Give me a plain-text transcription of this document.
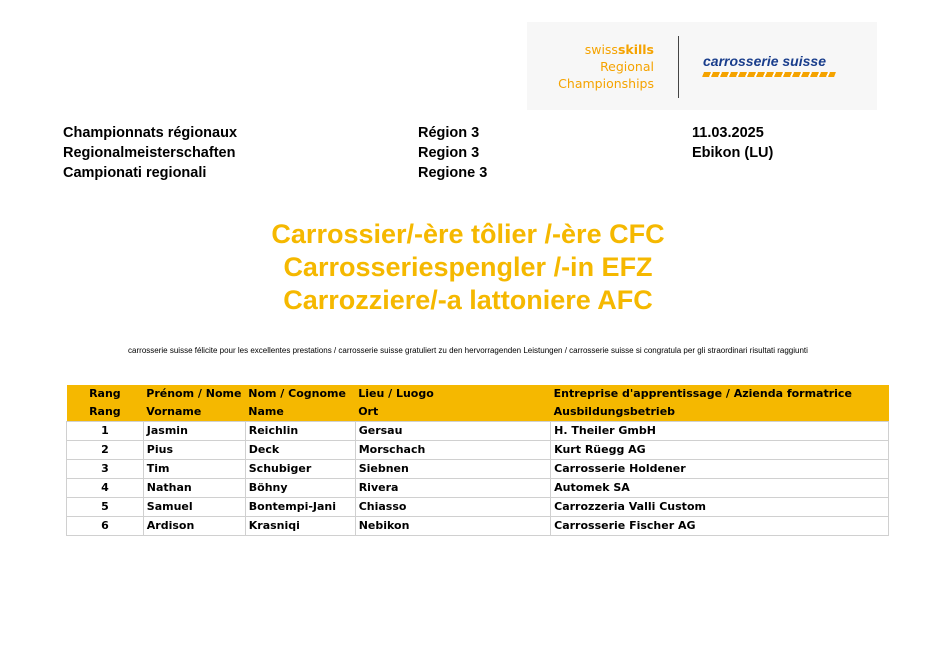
swissskills
Regional
Championships
carrosserie suisse
Championnats régionaux
Regionalmeisterschaften
Campionati regionali
Région 3
Region 3
Regione 3
11.03.2025
Ebikon (LU)
Carrossier/-ère tôlier /-ère CFC
Carrosseriespengler /-in EFZ
Carrozziere/-a lattoniere AFC
carrosserie suisse félicite pour les excellentes prestations / carrosserie suisse gratuliert zu den hervorragenden Leistungen / carrosserie suisse si congratula per gli straordinari risultati raggiunti
Rang	Prénom / Nome	Nom / Cognome	Lieu / Luogo	Entreprise d'apprentissage / Azienda formatrice
Rang	Vorname	Name	Ort	Ausbildungsbetrieb
1	Jasmin	Reichlin	Gersau	H. Theiler GmbH
2	Pius	Deck	Morschach	Kurt Rüegg AG
3	Tim	Schubiger	Siebnen	Carrosserie Holdener
4	Nathan	Böhny	Rivera	Automek SA
5	Samuel	Bontempi-Jani	Chiasso	Carrozzeria Valli Custom
6	Ardison	Krasniqi	Nebikon	Carrosserie Fischer AG
